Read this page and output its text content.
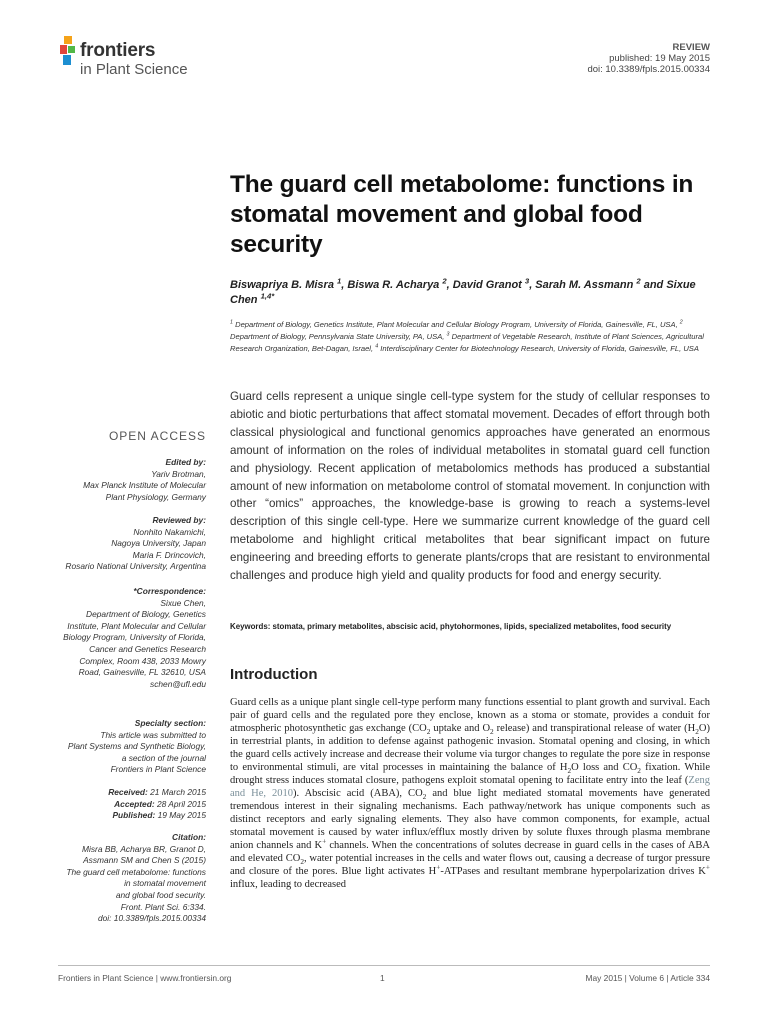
frontiers
in Plant Science
REVIEW
published: 19 May 2015
doi: 10.3389/fpls.2015.00334
The guard cell metabolome: functions in stomatal movement and global food security
Biswapriya B. Misra $^1$, Biswa R. Acharya $^2$, David Granot $^3$, Sarah M. Assmann $^2$ and Sixue Chen $^{1,4*}$
$^1$ Department of Biology, Genetics Institute, Plant Molecular and Cellular Biology Program, University of Florida, Gainesville, FL, USA, $^2$ Department of Biology, Pennsylvania State University, PA, USA, $^3$ Department of Vegetable Research, Institute of Plant Sciences, Agricultural Research Organization, Bet-Dagan, Israel, $^4$ Interdisciplinary Center for Biotechnology Research, University of Florida, Gainesville, FL, USA
Guard cells represent a unique single cell-type system for the study of cellular responses to abiotic and biotic perturbations that affect stomatal movement. Decades of effort through both classical physiological and functional genomics approaches have generated an enormous amount of information on the roles of individual metabolites in stomatal guard cell function and physiology. Recent application of metabolomics methods has produced a substantial amount of new information on metabolome control of stomatal movement. In conjunction with other “omics” approaches, the knowledge-base is growing to reach a systems-level description of this single cell-type. Here we summarize current knowledge of the guard cell metabolome and highlight critical metabolites that bear significant impact on future engineering and breeding efforts to generate plants/crops that are resistant to environmental challenges and produce high yield and quality products for food and energy security.
Keywords: stomata, primary metabolites, abscisic acid, phytohormones, lipids, specialized metabolites, food security
Introduction
Guard cells as a unique plant single cell-type perform many functions essential to plant growth and survival. Each pair of guard cells and the regulated pore they enclose, known as a stoma or stomate, provides a conduit for atmospheric photosynthetic gas exchange ($CO_2$ uptake and $O_2$ release) and transpirational release of water $(H_2O)$ in terrestrial plants, in addition to defense against pathogenic invasion. Stomatal opening and closing, in which the guard cells actively increase and decrease their volume via turgor changes to regulate the pore size in response to environmental stimuli, are vital processes in maintaining the balance of $H_2O$ loss and $CO_2$ fixation. While drought stress induces stomatal closure, pathogens exploit stomatal opening to facilitate entry into the leaf (Zeng and He, 2010). Abscisic acid (ABA), $CO_2$ and blue light mediated stomatal movements have generated tremendous interest in their signaling mechanisms. Each pathway/network has unique components such as distinct receptors and early signaling elements. They also have common components, for example, actual stomatal movement is caused by water influx/efflux mostly driven by solute fluxes through plasma membrane anion channels and K+ channels. When the concentrations of solutes decrease in guard cells in the cases of ABA and elevated $CO_2$, water potential increases in the cells and water flows out, causing a decrease of turgor pressure and closure of the pores. Blue light activates H+-ATPases and resultant membrane hyperpolarization drives K+ influx, leading to decreased
OPEN ACCESS
Edited by:
Yariv Brotman,
Max Planck Institute of Molecular
Plant Physiology, Germany
Reviewed by:
Nonhito Nakamichi,
Nagoya University, Japan
Maria F. Drincovich,
Rosario National University, Argentina
*Correspondence:
Sixue Chen,
Department of Biology, Genetics
Institute, Plant Molecular and Cellular
Biology Program, University of Florida,
Cancer and Genetics Research
Complex, Room 438, 2033 Mowry
Road, Gainesville, FL 32610, USA
schen@ufl.edu
Specialty section:
This article was submitted to
Plant Systems and Synthetic Biology,
a section of the journal
Frontiers in Plant Science
Received: 21 March 2015
Accepted: 28 April 2015
Published: 19 May 2015
Citation:
Misra BB, Acharya BR, Granot D,
Assmann SM and Chen S (2015)
The guard cell metabolome: functions
in stomatal movement
and global food security.
Front. Plant Sci. 6:334.
doi: 10.3389/fpls.2015.00334
Frontiers in Plant Science | www.frontiersin.org	1	May 2015 | Volume 6 | Article 334
